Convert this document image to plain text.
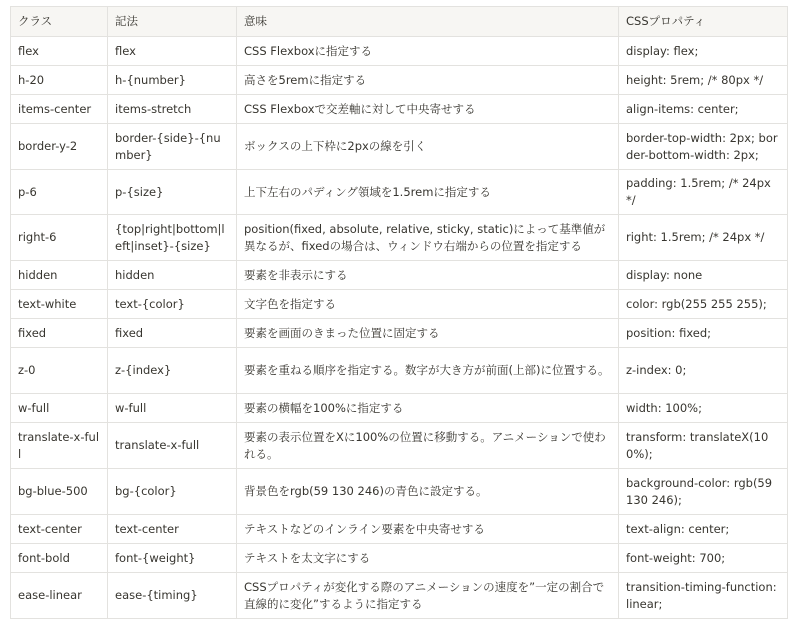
クラス	記法	意味	CSSプロパティ
flex	flex	CSS Flexboxに指定する	display: flex;
h-20	h-{number}	高さを5remに指定する	height: 5rem; /* 80px */
items-center	items-stretch	CSS Flexboxで交差軸に対して中央寄せする	align-items: center;
border-y-2	border-{side}-{number}	ボックスの上下枠に2pxの線を引く	border-top-width: 2px; border-bottom-width: 2px;
p-6	p-{size}	上下左右のパディング領域を1.5remに指定する	padding: 1.5rem; /* 24px */
right-6	{top|right|bottom|left|inset}-{size}	position(fixed, absolute, relative, sticky, static)によって基準値が異なるが、fixedの場合は、ウィンドウ右端からの位置を指定する	right: 1.5rem; /* 24px */
hidden	hidden	要素を非表示にする	display: none
text-white	text-{color}	文字色を指定する	color: rgb(255 255 255);
fixed	fixed	要素を画面のきまった位置に固定する	position: fixed;
z-0	z-{index}	要素を重ねる順序を指定する。数字が大き方が前面(上部)に位置する。	z-index: 0;
w-full	w-full	要素の横幅を100%に指定する	width: 100%;
translate-x-full	translate-x-full	要素の表示位置をXに100%の位置に移動する。アニメーションで使われる。	transform: translateX(100%);
bg-blue-500	bg-{color}	背景色をrgb(59 130 246)の青色に設定する。	background-color: rgb(59 130 246);
text-center	text-center	テキストなどのインライン要素を中央寄せする	text-align: center;
font-bold	font-{weight}	テキストを太文字にする	font-weight: 700;
ease-linear	ease-{timing}	CSSプロパティが変化する際のアニメーションの速度を”一定の割合で直線的に変化”するように指定する	transition-timing-function: linear;
